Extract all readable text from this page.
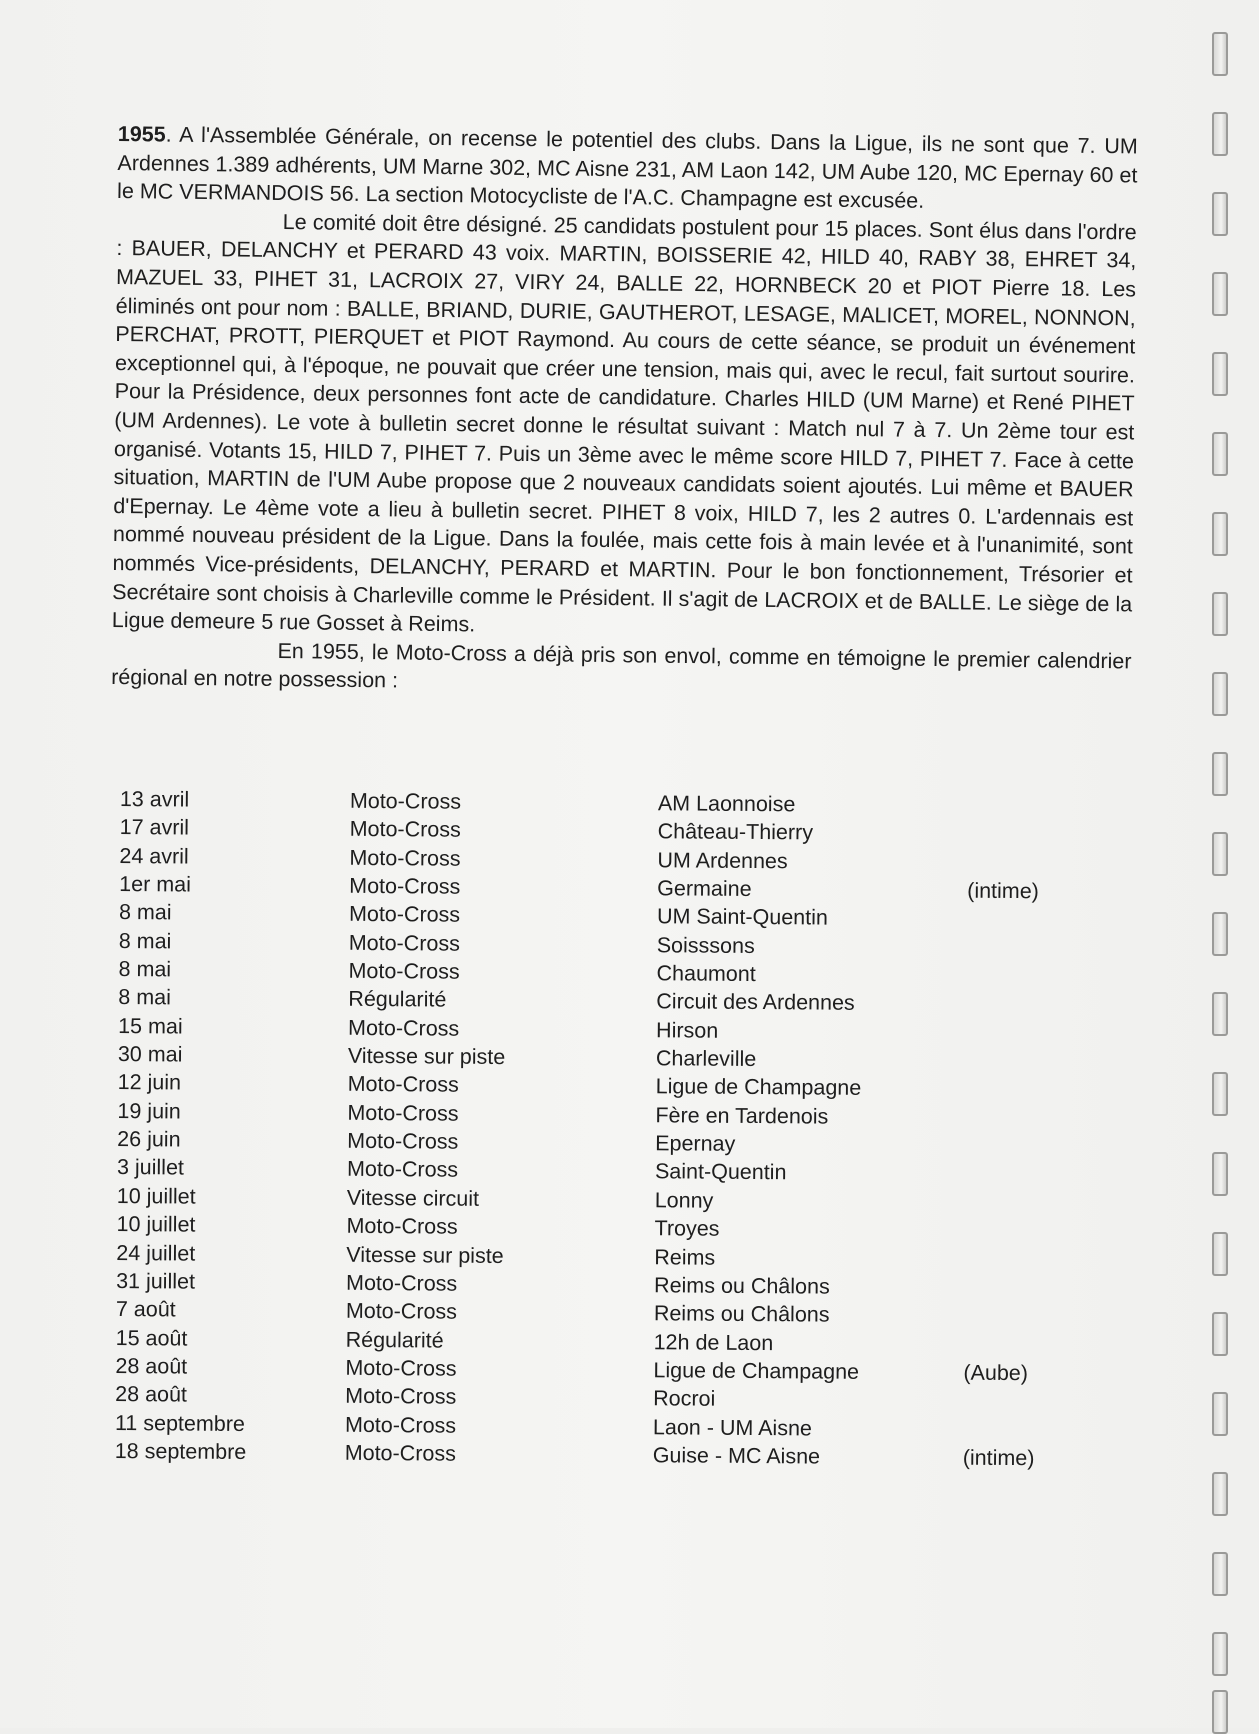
1955. A l'Assemblée Générale, on recense le potentiel des clubs. Dans la Ligue, ils ne sont que 7. UM Ardennes 1.389 adhérents, UM Marne 302, MC Aisne 231, AM Laon 142, UM Aube 120, MC Epernay 60 et le MC VERMANDOIS 56. La section Motocycliste de l'A.C. Champagne est excusée.

Le comité doit être désigné. 25 candidats postulent pour 15 places. Sont élus dans l'ordre : BAUER, DELANCHY et PERARD 43 voix. MARTIN, BOISSERIE 42, HILD 40, RABY 38, EHRET 34, MAZUEL 33, PIHET 31, LACROIX 27, VIRY 24, BALLE 22, HORNBECK 20 et PIOT Pierre 18. Les éliminés ont pour nom : BALLE, BRIAND, DURIE, GAUTHEROT, LESAGE, MALICET, MOREL, NONNON, PERCHAT, PROTT, PIERQUET et PIOT Raymond. Au cours de cette séance, se produit un événement exceptionnel qui, à l'époque, ne pouvait que créer une tension, mais qui, avec le recul, fait surtout sourire. Pour la Présidence, deux personnes font acte de candidature. Charles HILD (UM Marne) et René PIHET (UM Ardennes). Le vote à bulletin secret donne le résultat suivant : Match nul 7 à 7. Un 2ème tour est organisé. Votants 15, HILD 7, PIHET 7. Puis un 3ème avec le même score HILD 7, PIHET 7. Face à cette situation, MARTIN de l'UM Aube propose que 2 nouveaux candidats soient ajoutés. Lui même et BAUER d'Epernay. Le 4ème vote a lieu à bulletin secret. PIHET 8 voix, HILD 7, les 2 autres 0. L'ardennais est nommé nouveau président de la Ligue. Dans la foulée, mais cette fois à main levée et à l'unanimité, sont nommés Vice-présidents, DELANCHY, PERARD et MARTIN. Pour le bon fonctionnement, Trésorier et Secrétaire sont choisis à Charleville comme le Président. Il s'agit de LACROIX et de BALLE. Le siège de la Ligue demeure 5 rue Gosset à Reims.

En 1955, le Moto-Cross a déjà pris son envol, comme en témoigne le premier calendrier régional en notre possession :

13 avril	Moto-Cross	AM Laonnoise
17 avril	Moto-Cross	Château-Thierry
24 avril	Moto-Cross	UM Ardennes
1er mai	Moto-Cross	Germaine	(intime)
8 mai	Moto-Cross	UM Saint-Quentin
8 mai	Moto-Cross	Soisssons
8 mai	Moto-Cross	Chaumont
8 mai	Régularité	Circuit des Ardennes
15 mai	Moto-Cross	Hirson
30 mai	Vitesse sur piste	Charleville
12 juin	Moto-Cross	Ligue de Champagne
19 juin	Moto-Cross	Fère en Tardenois
26 juin	Moto-Cross	Epernay
3 juillet	Moto-Cross	Saint-Quentin
10 juillet	Vitesse circuit	Lonny
10 juillet	Moto-Cross	Troyes
24 juillet	Vitesse sur piste	Reims
31 juillet	Moto-Cross	Reims ou Châlons
7 août	Moto-Cross	Reims ou Châlons
15 août	Régularité	12h de Laon
28 août	Moto-Cross	Ligue de Champagne	(Aube)
28 août	Moto-Cross	Rocroi
11 septembre	Moto-Cross	Laon - UM Aisne
18 septembre	Moto-Cross	Guise - MC Aisne	(intime)
